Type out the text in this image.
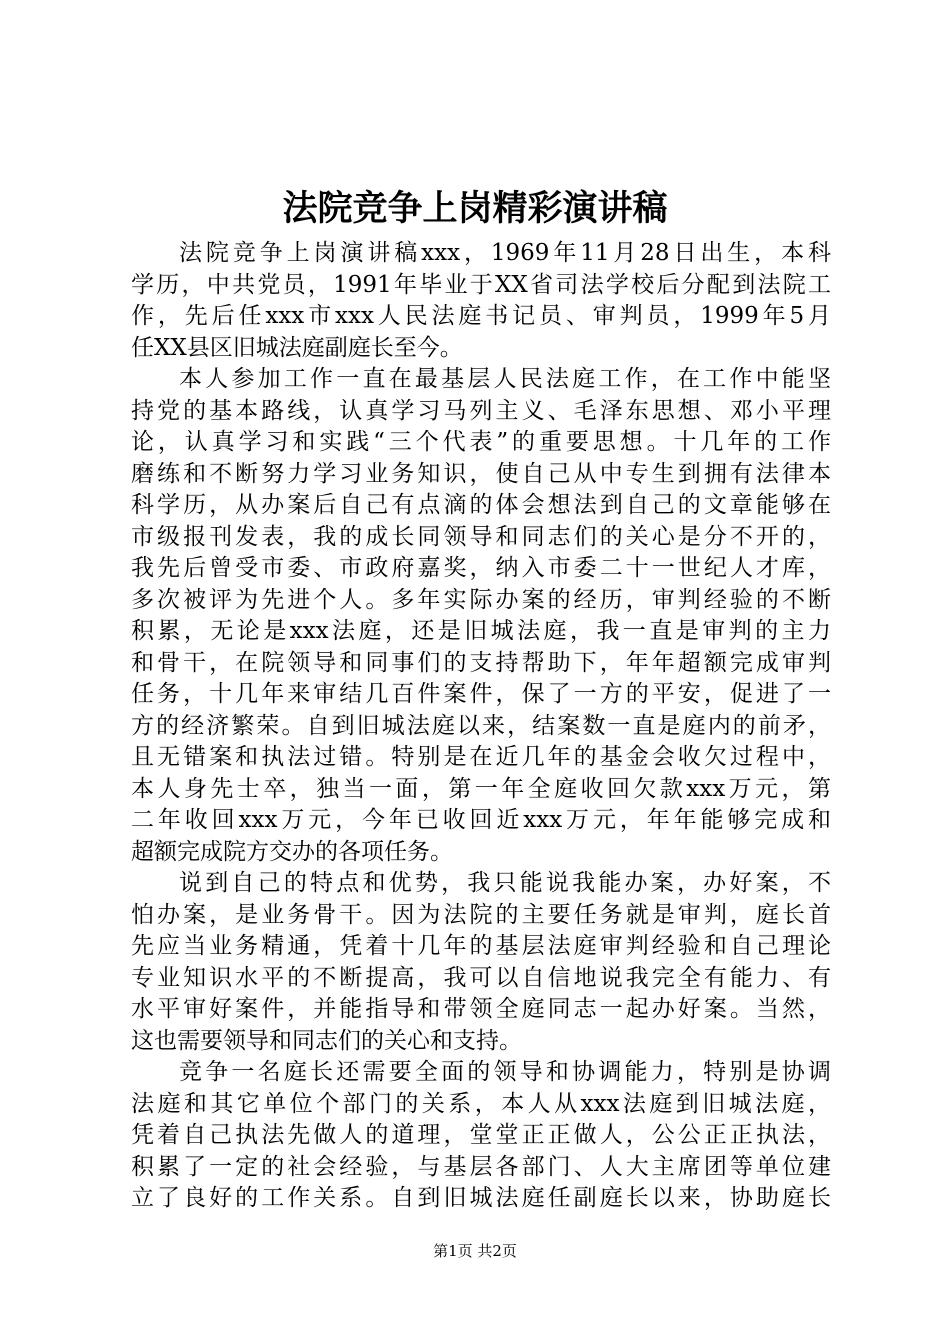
法院竞争上岗精彩演讲稿
法院竞争上岗演讲稿xxx，1969年11月28日出生，本科
学历，中共党员，1991年毕业于XX省司法学校后分配到法院工
作，先后任xxx市xxx人民法庭书记员、审判员，1999年5月
任XX县区旧城法庭副庭长至今。
本人参加工作一直在最基层人民法庭工作，在工作中能坚
持党的基本路线，认真学习马列主义、毛泽东思想、邓小平理
论，认真学习和实践“三个代表”的重要思想。十几年的工作
磨练和不断努力学习业务知识，使自己从中专生到拥有法律本
科学历，从办案后自己有点滴的体会想法到自己的文章能够在
市级报刊发表，我的成长同领导和同志们的关心是分不开的，
我先后曾受市委、市政府嘉奖，纳入市委二十一世纪人才库，
多次被评为先进个人。多年实际办案的经历，审判经验的不断
积累，无论是xxx法庭，还是旧城法庭，我一直是审判的主力
和骨干，在院领导和同事们的支持帮助下，年年超额完成审判
任务，十几年来审结几百件案件，保了一方的平安，促进了一
方的经济繁荣。自到旧城法庭以来，结案数一直是庭内的前矛，
且无错案和执法过错。特别是在近几年的基金会收欠过程中，
本人身先士卒，独当一面，第一年全庭收回欠款xxx万元，第
二年收回xxx万元，今年已收回近xxx万元，年年能够完成和
超额完成院方交办的各项任务。
说到自己的特点和优势，我只能说我能办案，办好案，不
怕办案，是业务骨干。因为法院的主要任务就是审判，庭长首
先应当业务精通，凭着十几年的基层法庭审判经验和自己理论
专业知识水平的不断提高，我可以自信地说我完全有能力、有
水平审好案件，并能指导和带领全庭同志一起办好案。当然，
这也需要领导和同志们的关心和支持。
竞争一名庭长还需要全面的领导和协调能力，特别是协调
法庭和其它单位个部门的关系，本人从xxx法庭到旧城法庭，
凭着自己执法先做人的道理，堂堂正正做人，公公正正执法，
积累了一定的社会经验，与基层各部门、人大主席团等单位建
立了良好的工作关系。自到旧城法庭任副庭长以来，协助庭长
第1页 共2页
